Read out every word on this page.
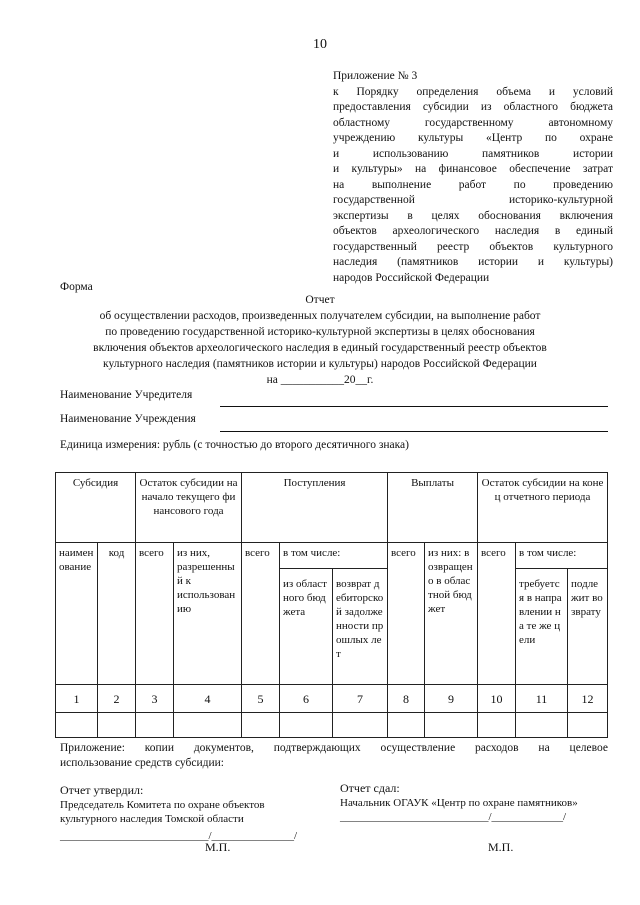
10
Приложение № 3
к Порядку определения объема и условий
предоставления субсидии из областного бюджета
областному государственному автономному
учреждению культуры «Центр по охране
и использованию памятников истории
и культуры» на финансовое обеспечение затрат
на выполнение работ по проведению
государственной историко-культурной
экспертизы в целях обоснования включения
объектов археологического наследия в единый
государственный реестр объектов культурного
наследия (памятников истории и культуры)
народов Российской Федерации
Форма
Отчет
об осуществлении расходов, произведенных получателем субсидии, на выполнение работ
по проведению государственной историко-культурной экспертизы в целях обоснования
включения объектов археологического наследия в единый государственный реестр объектов
культурного наследия (памятников истории и культуры) народов Российской Федерации
на ___________20__г.
Наименование Учредителя
Наименование Учреждения
Единица измерения: рубль (с точностью до второго десятичного знака)
Субсидия		Остаток субсидии на начало текущего финансового года		Поступления			Выплаты		Остаток субсидии на конец отчетного периода		
наименование	код	всего	из них, разрешенный к использованию	всего	в том числе:		всего	из них: возвращено в областной бюджет	всего	в том числе:	
					из областного бюджета	возврат дебиторской задолженности прошлых лет				требуется в направлении на те же цели	подлежит возврату
1	2	3	4	5	6	7	8	9	10	11	12

Приложение: копии документов, подтверждающих осуществление расходов на целевое
использование средств субсидии:
Отчет утвердил:
Председатель Комитета по охране объектов
культурного наследия Томской области
___________________________/_______________/
М.П.
Отчет сдал:
Начальник ОГАУК «Центр по охране памятников»
___________________________/_____________/
М.П.
